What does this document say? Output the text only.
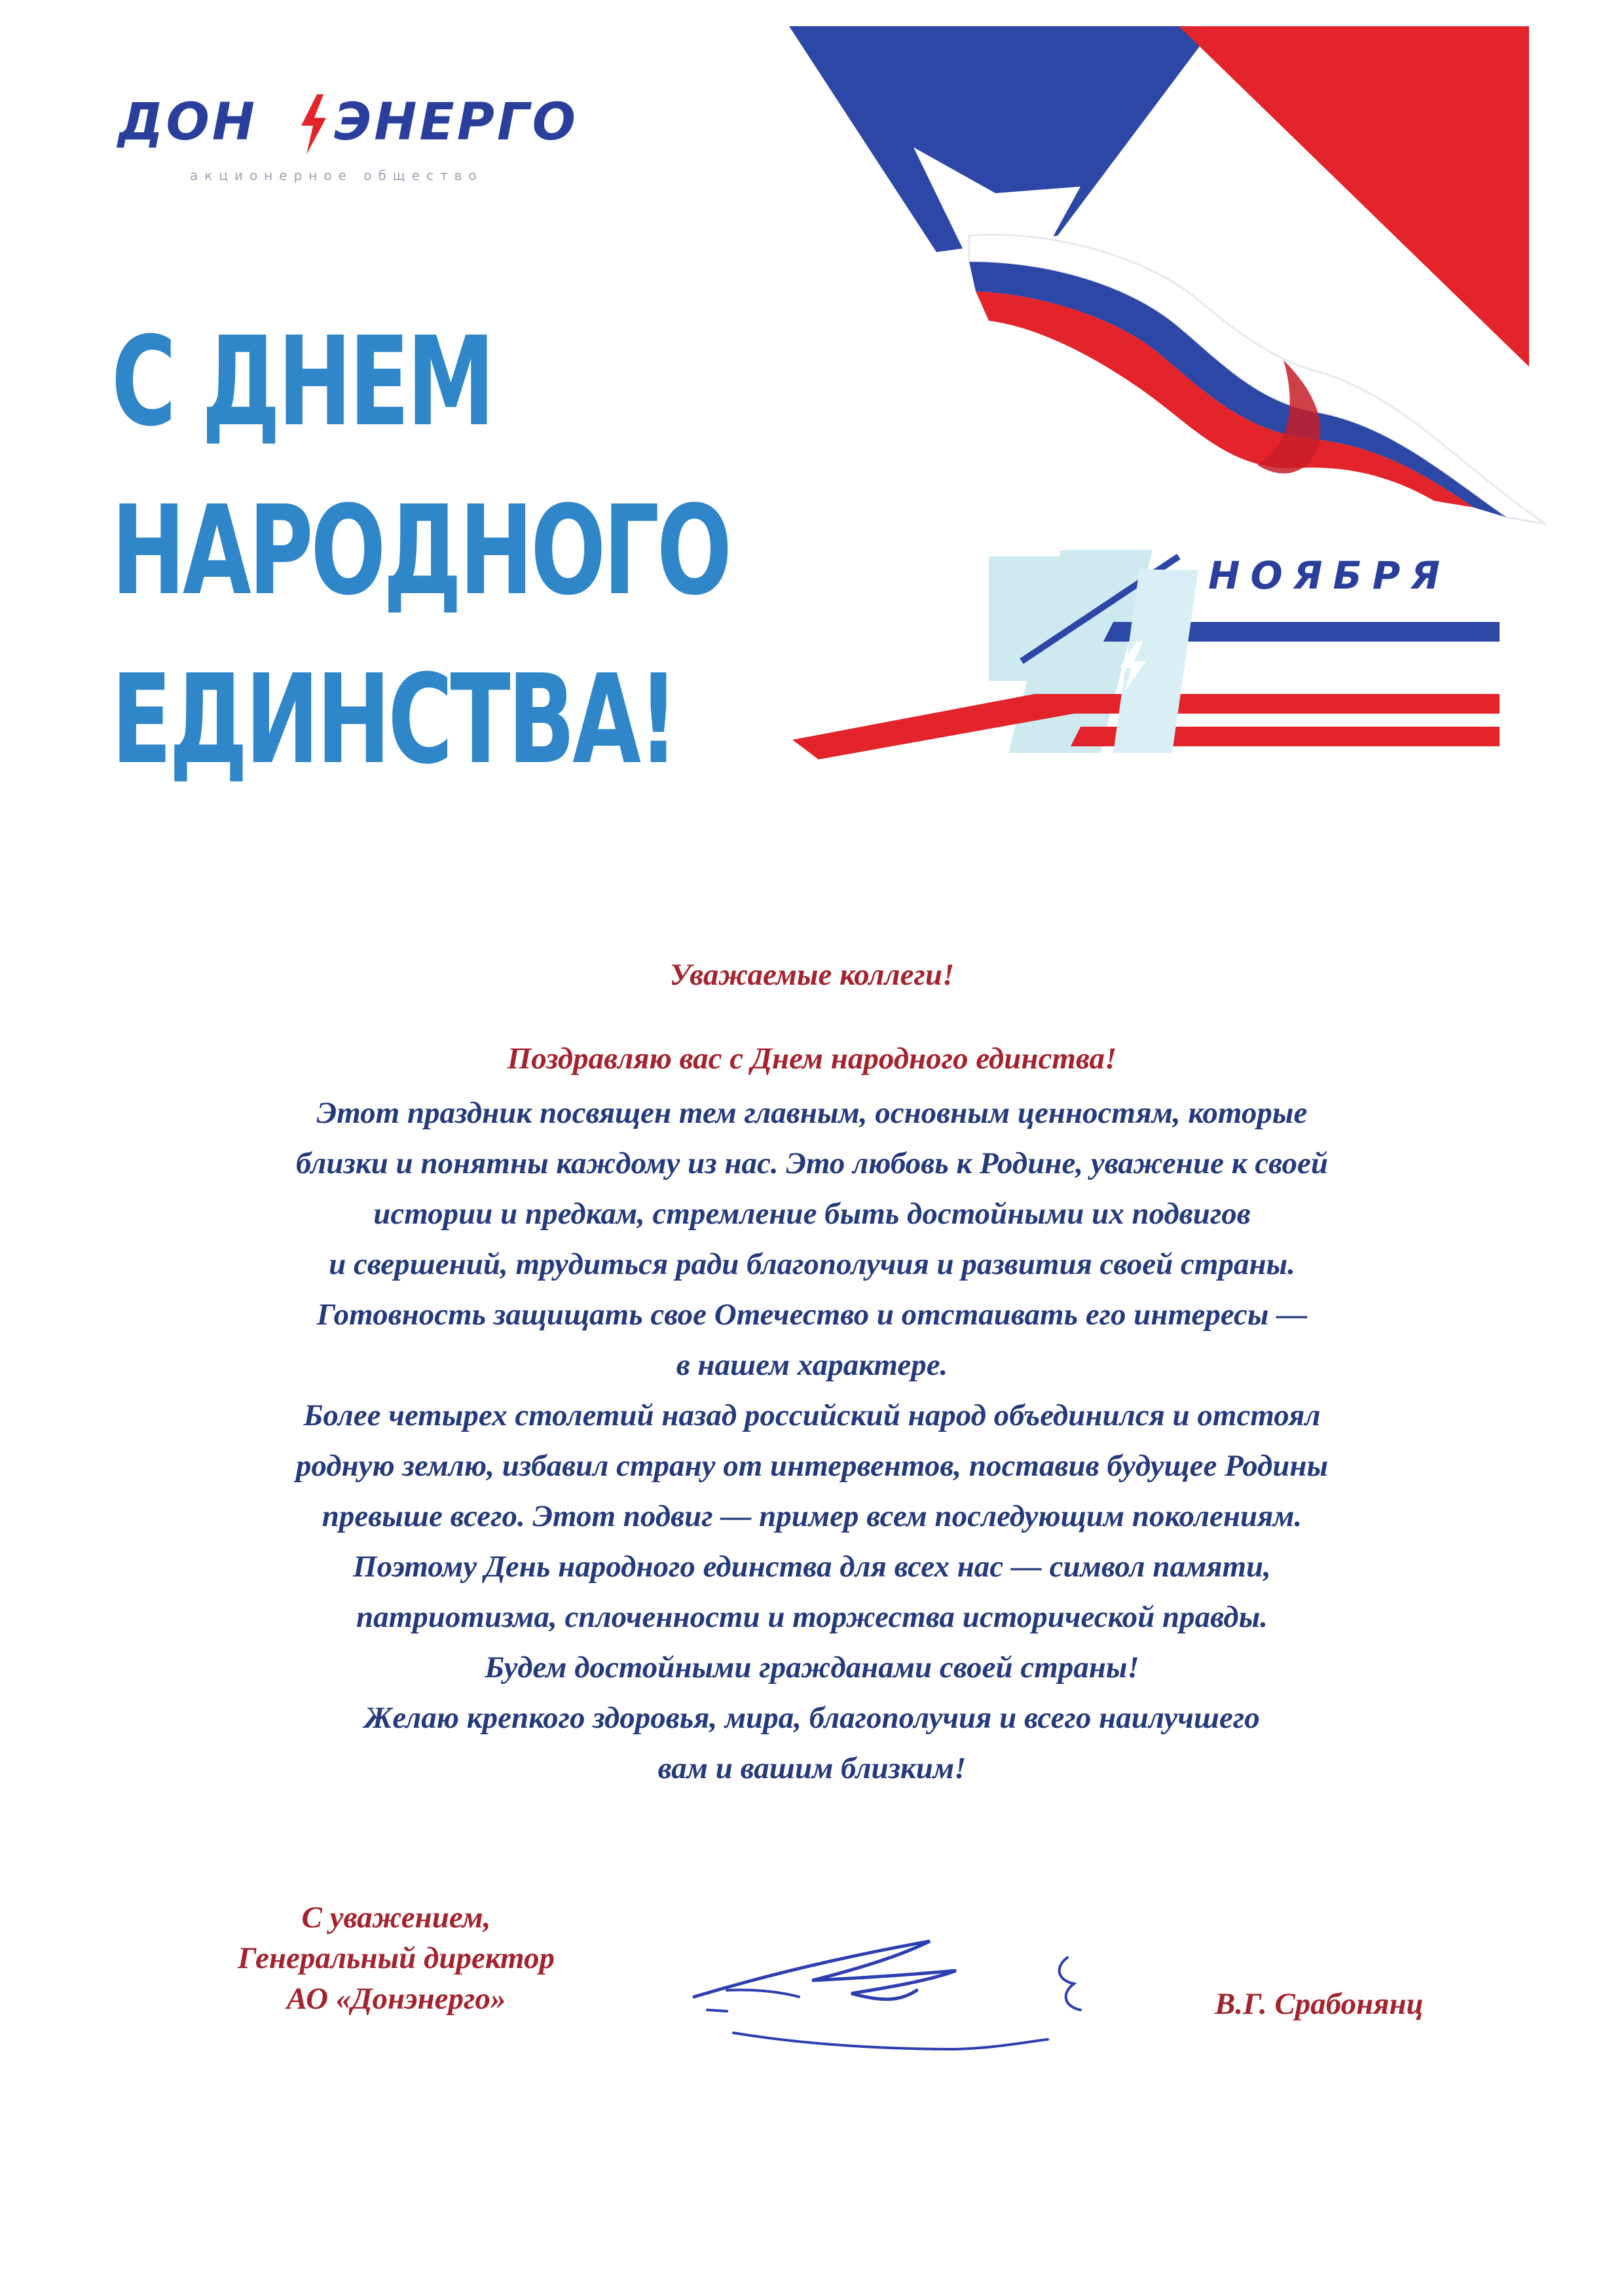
ДОН ЭНЕРГО
акционерное общество
С ДНЕМ
НАРОДНОГО
ЕДИНСТВА!
НОЯБРЯ
Уважаемые коллеги!
Поздравляю вас с Днем народного единства!
Этот праздник посвящен тем главным, основным ценностям, которые
близки и понятны каждому из нас. Это любовь к Родине, уважение к своей
истории и предкам, стремление быть достойными их подвигов
и свершений, трудиться ради благополучия и развития своей страны.
Готовность защищать свое Отечество и отстаивать его интересы —
в нашем характере.
Более четырех столетий назад российский народ объединился и отстоял
родную землю, избавил страну от интервентов, поставив будущее Родины
превыше всего. Этот подвиг — пример всем последующим поколениям.
Поэтому День народного единства для всех нас — символ памяти,
патриотизма, сплоченности и торжества исторической правды.
Будем достойными гражданами своей страны!
Желаю крепкого здоровья, мира, благополучия и всего наилучшего
вам и вашим близким!
С уважением,
Генеральный директор
АО «Донэнерго»	В.Г. Срабонянц
